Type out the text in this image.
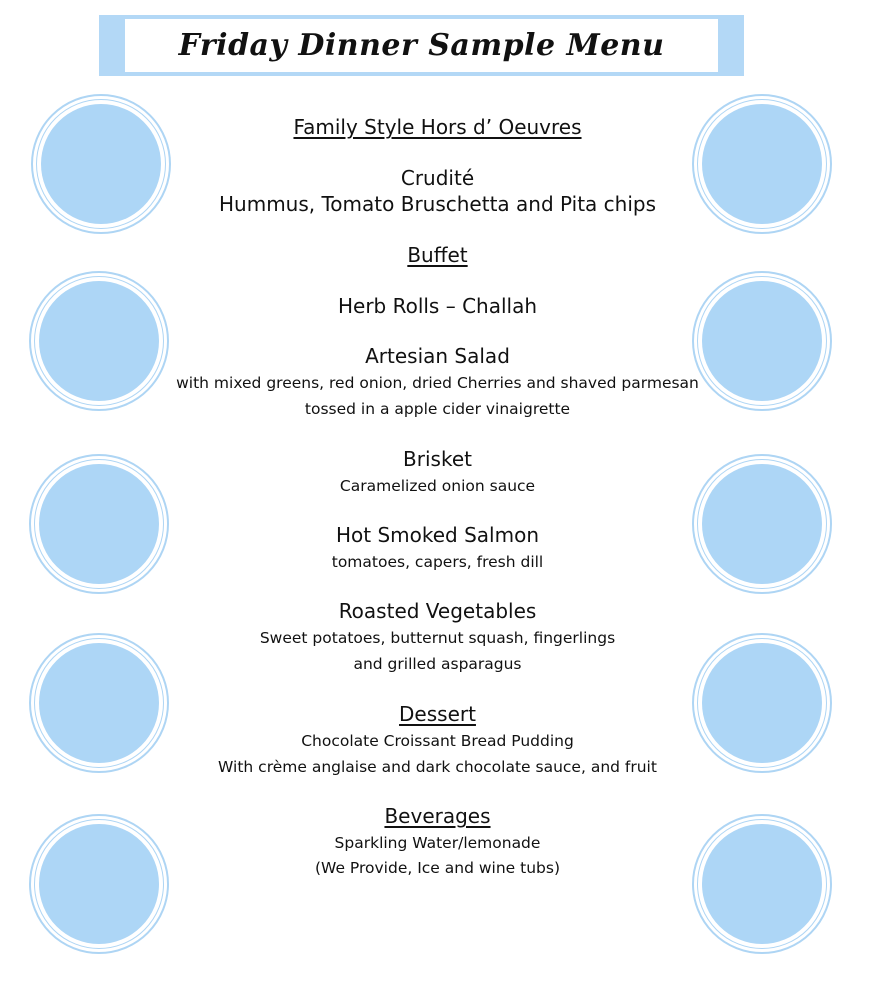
Friday Dinner Sample Menu
Family Style Hors d’ Oeuvres
Crudité
Hummus, Tomato Bruschetta and Pita chips
Buffet
Herb Rolls – Challah
Artesian Salad
with mixed greens, red onion, dried Cherries and shaved parmesan
tossed in a apple cider vinaigrette
Brisket
Caramelized onion sauce
Hot Smoked Salmon
tomatoes, capers, fresh dill
Roasted Vegetables
Sweet potatoes, butternut squash, fingerlings
and grilled asparagus
Dessert
Chocolate Croissant Bread Pudding
With crème anglaise and dark chocolate sauce, and fruit
Beverages
Sparkling Water/lemonade
(We Provide, Ice and wine tubs)
